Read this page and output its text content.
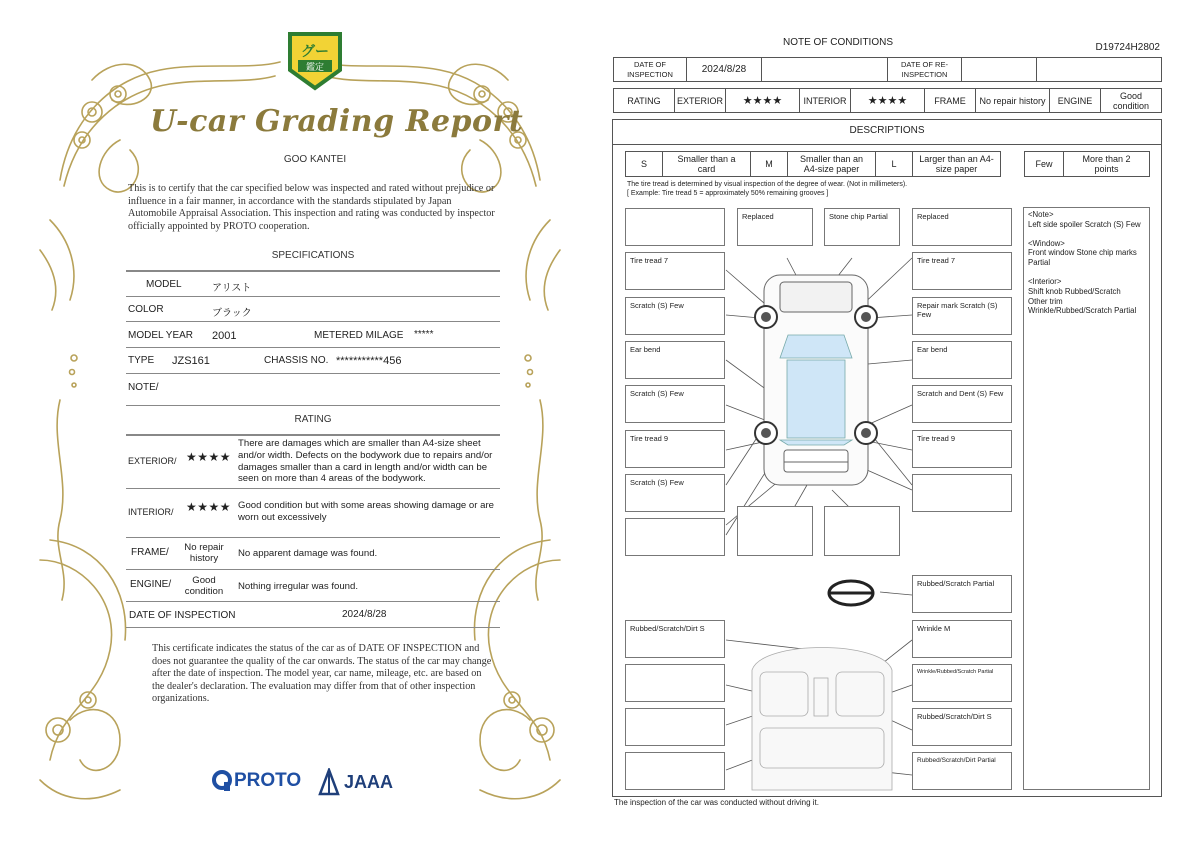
グー
鑑定
U-car Grading Report
GOO KANTEI
This is to certify that the car specified below was inspected and rated without prejudice or influence in a fair manner, in accordance with the standards stipulated by Japan Automobile Appraisal Association. This inspection and rating was conducted by inspector officially appointed by PROTO cooperation.
SPECIFICATIONS
MODEL	アリスト
COLOR	ブラック
MODEL YEAR 2001	METERED MILAGE *****
TYPE JZS161	CHASSIS NO. ***********456
NOTE/
RATING
EXTERIOR/ ★★★★
There are damages which are smaller than A4-size sheet and/or width. Defects on the bodywork due to repairs and/or damages smaller than a card in length and/or width can be seen on more than 4 areas of the bodywork.
INTERIOR/ ★★★★ Good condition but with some areas showing damage or are worn out excessively
FRAME/	No repair history	No apparent damage was found.
ENGINE/	Good condition	Nothing irregular was found.
DATE OF INSPECTION	2024/8/28
This certificate indicates the status of the car as of DATE OF INSPECTION and does not guarantee the quality of the car onwards. The status of the car may change after the date of inspection. The model year, car name, mileage, etc. are based on the dealer's declaration. The evaluation may differ from that of other inspection organizations.
PROTO JAAA
NOTE OF CONDITIONS	D19724H2802
DATE OF INSPECTION	2024/8/28	DATE OF RE-INSPECTION
RATING	EXTERIOR	★★★★	INTERIOR	★★★★	FRAME	No repair history	ENGINE	Good condition
DESCRIPTIONS
S	Smaller than a card	M	Smaller than an A4-size paper	L	Larger than an A4-size paper	Few	More than 2 points
The tire tread is determined by visual inspection of the degree of wear. (Not in millimeters).
[ Example: Tire tread 5 = approximately 50% remaining grooves ]
Tire tread 7
Scratch (S) Few
Ear bend
Scratch (S) Few
Tire tread 9
Scratch (S) Few
Replaced	Stone chip Partial	Replaced
Tire tread 7
Repair mark Scratch (S) Few
Ear bend
Scratch and Dent (S) Few
Tire tread 9
Rubbed/Scratch Partial
Rubbed/Scratch/Dirt S	Wrinkle M
Wrinkle/Rubbed/Scratch Partial
Rubbed/Scratch/Dirt S
Rubbed/Scratch/Dirt Partial
<Note>
Left side spoiler Scratch (S) Few
<Window>
Front window Stone chip marks Partial
<Interior>
Shift knob Rubbed/Scratch
Other trim Wrinkle/Rubbed/Scratch Partial
The inspection of the car was conducted without driving it.
